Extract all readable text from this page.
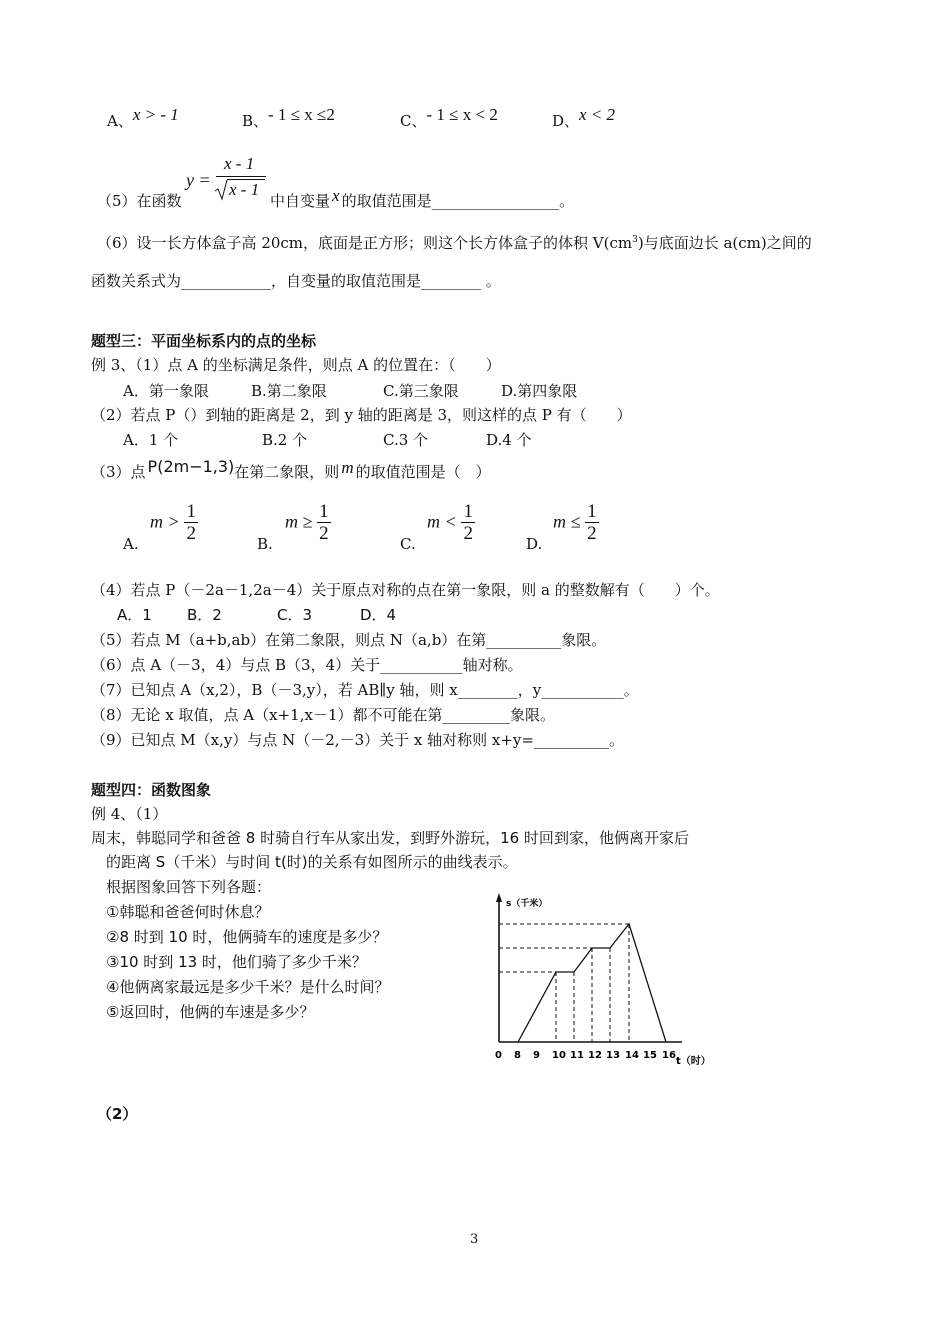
A、x > - 1	B、- 1 ≤ x ≤2	C、- 1 ≤ x < 2	D、x < 2
（5）在函数
y =
x - 1
x - 1
中自变量 x 的取值范围是_________________。
（6）设一长方体盒子高 20cm，底面是正方形；则这个长方体盒子的体积 $V(cm^3)$与底面边长 a(cm)之间的
函数关系式为____________，自变量的取值范围是________ 。
题型三：平面坐标系内的点的坐标
例 3、（1）点 A 的坐标满足条件，则点 A 的位置在：（　　）
A．第一象限	B.第二象限	C.第三象限	D.第四象限
（2）若点 P（）到轴的距离是 2，到 y 轴的距离是 3，则这样的点 P 有（　　）
A．1 个	B.2 个	C.3 个	D.4 个
（3）点 P(2m−1,3)在第二象限，则 m 的取值范围是（　）
A.
$m > \frac{1}{2}$	B.
$m \ge \frac{1}{2}$	C.
$m < \frac{1}{2}$	D.
$m \le \frac{1}{2}$
（4）若点 P（－2a－1,2a－4）关于原点对称的点在第一象限，则 a 的整数解有（　　）个。
A．1 B．2	C．3	D．4
（5）若点 M（a+b,ab）在第二象限，则点 N（a,b）在第__________象限。
（6）点 A（－3，4）与点 B（3，4）关于___________轴对称。
（7）已知点 A（x,2），B（－3,y），若 AB∥y 轴，则 x________，y___________。
（8）无论 x 取值，点 A（x+1,x－1）都不可能在第_________象限。
（9）已知点 M（x,y）与点 N（－2,－3）关于 x 轴对称则 x+y=__________。
题型四：函数图象
例 4、（1）
周末，韩聪同学和爸爸 8 时骑自行车从家出发，到野外游玩，16 时回到家，他俩离开家后
的距离 S（千米）与时间 t(时)的关系有如图所示的曲线表示。
根据图象回答下列各题：
①韩聪和爸爸何时休息？
②8 时到 10 时，他俩骑车的速度是多少？
③10 时到 13 时，他们骑了多少千米？
④他俩离家最远是多少千米？是什么时间？
⑤返回时，他俩的车速是多少？
s（千米）
t（时）
0 8 9 10 11 12 13 14 15 16
（2）
3
